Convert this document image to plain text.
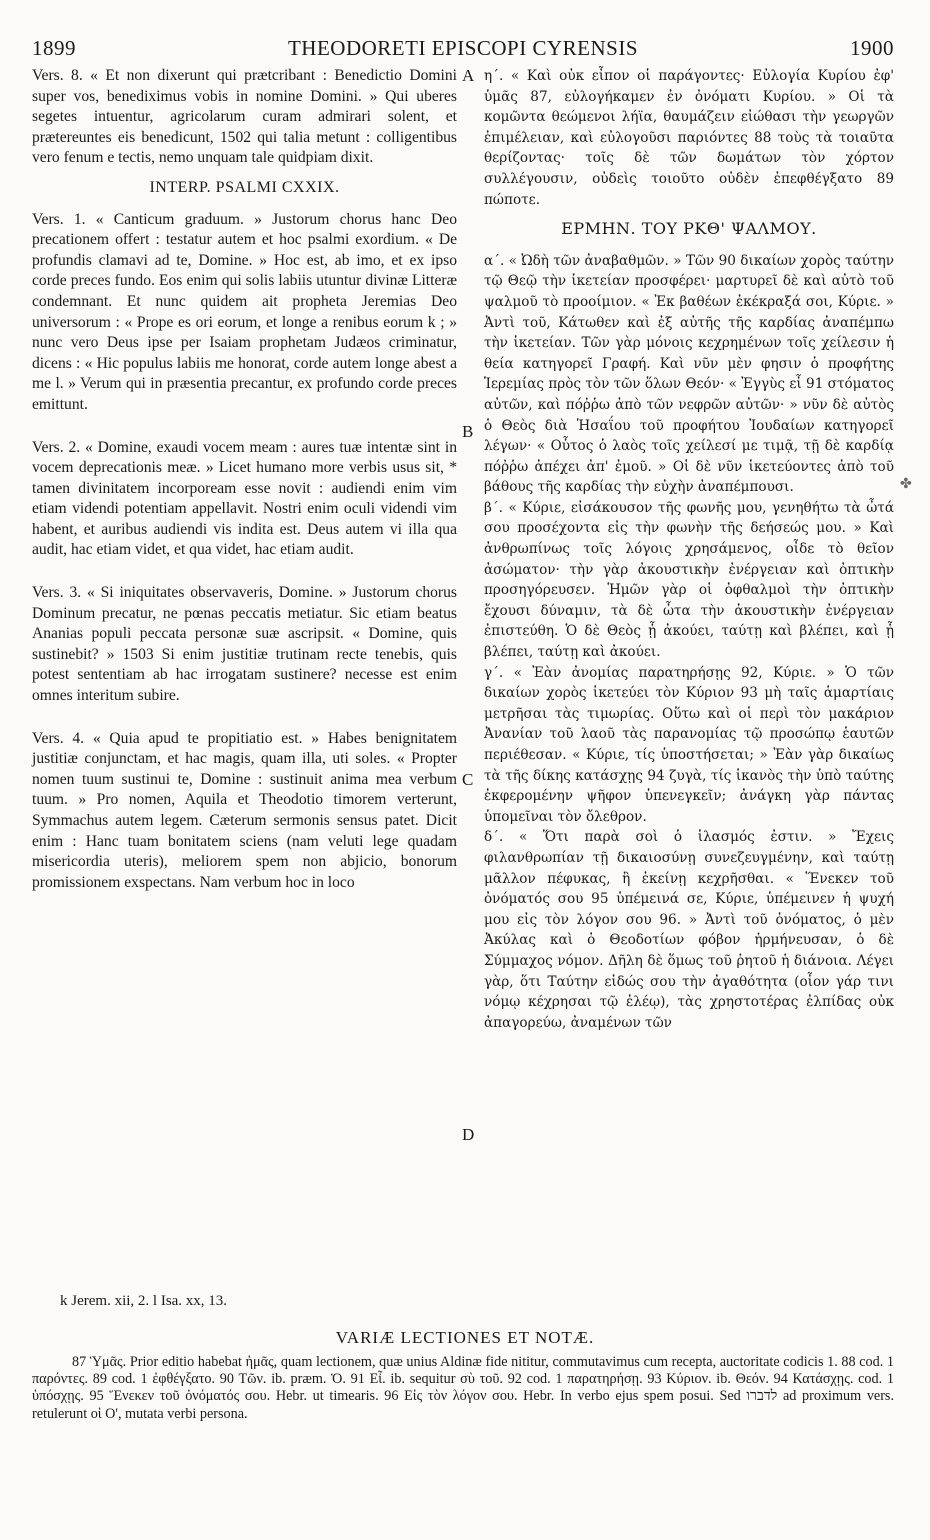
1899	THEODORETI EPISCOPI CYRENSIS	1900

Vers. 8. « Et non dixerunt qui prætcribant : Benedictio Domini super vos, benediximus vobis in nomine Domini. » Qui uberes segetes intuentur, agricolarum curam admirari solent, et prætereuntes eis benedicunt, 1502 qui talia metunt : colligentibus vero fenum e tectis, nemo unquam tale quidpiam dixit.

INTERP. PSALMI CXXIX.

Vers. 1. « Canticum graduum. » Justorum chorus hanc Deo precationem offert : testatur autem et hoc psalmi exordium. « De profundis clamavi ad te, Domine. » Hoc est, ab imo, et ex ipso corde preces fundo. Eos enim qui solis labiis utuntur divinæ Litteræ condemnant. Et nunc quidem ait propheta Jeremias Deo universorum : « Prope es ori eorum, et longe a renibus eorum k ; » nunc vero Deus ipse per Isaiam prophetam Judæos criminatur, dicens : « Hic populus labiis me honorat, corde autem longe abest a me l. » Verum qui in præsentia precantur, ex profundo corde preces emittunt.

Vers. 2. « Domine, exaudi vocem meam : aures tuæ intentæ sint in vocem deprecationis meæ. » Licet humano more verbis usus sit, * tamen divinitatem incorpoream esse novit : audiendi enim vim etiam videndi potentiam appellavit. Nostri enim oculi videndi vim habent, et auribus audiendi vis indita est. Deus autem vi illa qua audit, hac etiam videt, et qua videt, hac etiam audit.

Vers. 3. « Si iniquitates observaveris, Domine. » Justorum chorus Dominum precatur, ne pœnas peccatis metiatur. Sic etiam beatus Ananias populi peccata personæ suæ ascripsit. « Domine, quis sustinebit? » 1503 Si enim justitiæ trutinam recte tenebis, quis potest sententiam ab hac irrogatam sustinere? necesse est enim omnes interitum subire.

Vers. 4. « Quia apud te propitiatio est. » Habes benignitatem justitiæ conjunctam, et hac magis, quam illa, uti soles. « Propter nomen tuum sustinui te, Domine : sustinuit anima mea verbum tuum. » Pro nomen, Aquila et Theodotio timorem verterunt, Symmachus autem legem. Cæterum sermonis sensus patet. Dicit enim : Hanc tuam bonitatem sciens (nam veluti lege quadam misericordia uteris), meliorem spem non abjicio, bonorum promissionem exspectans. Nam verbum hoc in loco

A
B
C
D

η΄. « Καὶ οὐκ εἶπον οἱ παράγοντες· Εὐλογία Κυρίου ἐφ' ὑμᾶς 87, εὐλογήκαμεν ἐν ὀνόματι Κυρίου. » Οἱ τὰ κομῶντα θεώμενοι λήϊα, θαυμάζειν εἰώθασι τὴν γεωργῶν ἐπιμέλειαν, καὶ εὐλογοῦσι παριόντες 88 τοὺς τὰ τοιαῦτα θερίζοντας· τοῖς δὲ τῶν δωμάτων τὸν χόρτον συλλέγουσιν, οὐδεὶς τοιοῦτο οὐδὲν ἐπεφθέγξατο 89 πώποτε.

ΕΡΜΗΝ. ΤΟΥ ΡΚΘ' ΨΑΛΜΟΥ.

α΄. « Ὠδὴ τῶν ἀναβαθμῶν. » Τῶν 90 δικαίων χορὸς ταύτην τῷ Θεῷ τὴν ἱκετείαν προσφέρει· μαρτυρεῖ δὲ καὶ αὐτὸ τοῦ ψαλμοῦ τὸ προοίμιον. « Ἐκ βαθέων ἐκέκραξά σοι, Κύριε. » Ἀντὶ τοῦ, Κάτωθεν καὶ ἐξ αὐτῆς τῆς καρδίας ἀναπέμπω τὴν ἱκετείαν. Τῶν γὰρ μόνοις κεχρημένων τοῖς χείλεσιν ἡ θεία κατηγορεῖ Γραφή. Καὶ νῦν μὲν φησιν ὁ προφήτης Ἱερεμίας πρὸς τὸν τῶν ὅλων Θεόν· « Ἐγγὺς εἶ 91 στόματος αὐτῶν, καὶ πόῤῥω ἀπὸ τῶν νεφρῶν αὐτῶν· » νῦν δὲ αὐτὸς ὁ Θεὸς διὰ Ἡσαΐου τοῦ προφήτου Ἰουδαίων κατηγορεῖ λέγων· « Οὗτος ὁ λαὸς τοῖς χείλεσί με τιμᾷ, τῇ δὲ καρδίᾳ πόῤῥω ἀπέχει ἀπ' ἐμοῦ. » Οἱ δὲ νῦν ἱκετεύοντες ἀπὸ τοῦ βάθους τῆς καρδίας τὴν εὐχὴν ἀναπέμπουσι.

β΄. « Κύριε, εἰσάκουσον τῆς φωνῆς μου, γενηθήτω τὰ ὦτά σου προσέχοντα εἰς τὴν φωνὴν τῆς δεήσεώς μου. » Καὶ ἀνθρωπίνως τοῖς λόγοις χρησάμενος, οἶδε τὸ θεῖον ἀσώματον· τὴν γὰρ ἀκουστικὴν ἐνέργειαν καὶ ὀπτικὴν προσηγόρευσεν. Ἡμῶν γὰρ οἱ ὀφθαλμοὶ τὴν ὀπτικὴν ἔχουσι δύναμιν, τὰ δὲ ὦτα τὴν ἀκουστικὴν ἐνέργειαν ἐπιστεύθη. Ὁ δὲ Θεὸς ᾗ ἀκούει, ταύτῃ καὶ βλέπει, καὶ ᾗ βλέπει, ταύτῃ καὶ ἀκούει.

γ΄. « Ἐὰν ἀνομίας παρατηρήσῃς 92, Κύριε. » Ὁ τῶν δικαίων χορὸς ἱκετεύει τὸν Κύριον 93 μὴ ταῖς ἁμαρτίαις μετρῆσαι τὰς τιμωρίας. Οὕτω καὶ οἱ περὶ τὸν μακάριον Ἀνανίαν τοῦ λαοῦ τὰς παρανομίας τῷ προσώπῳ ἑαυτῶν περιέθεσαν. « Κύριε, τίς ὑποστήσεται; » Ἐὰν γὰρ δικαίως τὰ τῆς δίκης κατάσχῃς 94 ζυγὰ, τίς ἱκανὸς τὴν ὑπὸ ταύτης ἐκφερομένην ψῆφον ὑπενεγκεῖν; ἀνάγκη γὰρ πάντας ὑπομεῖναι τὸν ὄλεθρον.

δ΄. « Ὅτι παρὰ σοὶ ὁ ἱλασμός ἐστιν. » Ἔχεις φιλανθρωπίαν τῇ δικαιοσύνῃ συνεζευγμένην, καὶ ταύτῃ μᾶλλον πέφυκας, ἢ ἐκείνῃ κεχρῆσθαι. « Ἕνεκεν τοῦ ὀνόματός σου 95 ὑπέμεινά σε, Κύριε, ὑπέμεινεν ἡ ψυχή μου εἰς τὸν λόγον σου 96. » Ἀντὶ τοῦ ὀνόματος, ὁ μὲν Ἀκύλας καὶ ὁ Θεοδοτίων φόβον ἡρμήνευσαν, ὁ δὲ Σύμμαχος νόμον. Δῆλη δὲ ὅμως τοῦ ῥητοῦ ἡ διάνοια. Λέγει γὰρ, ὅτι Ταύτην εἰδώς σου τὴν ἀγαθότητα (οἷον γάρ τινι νόμῳ κέχρησαι τῷ ἐλέῳ), τὰς χρηστοτέρας ἐλπίδας οὐκ ἀπαγορεύω, ἀναμένων τῶν

✤
k Jerem. xii, 2. l Isa. xx, 13.
VARIÆ LECTIONES ET NOTÆ.

87 Ὑμᾶς. Prior editio habebat ἡμᾶς, quam lectionem, quæ unius Aldinæ fide nititur, commutavimus cum recepta, auctoritate codicis 1. 88 cod. 1 παρόντες. 89 cod. 1 ἐφθέγξατο. 90 Τῶν. ib. præm. Ὁ. 91 Εἶ. ib. sequitur σὺ τοῦ. 92 cod. 1 παρατηρήσῃ. 93 Κύριον. ib. Θεόν. 94 Κατάσχῃς. cod. 1 ὑπόσχῃς. 95 Ἕνεκεν τοῦ ὀνόματός σου. Hebr. ut timearis. 96 Εἰς τὸν λόγον σου. Hebr. In verbo ejus spem posui. Sed ‎לדברו‎ ad proximum vers. retulerunt οἱ Ο', mutata verbi persona.
